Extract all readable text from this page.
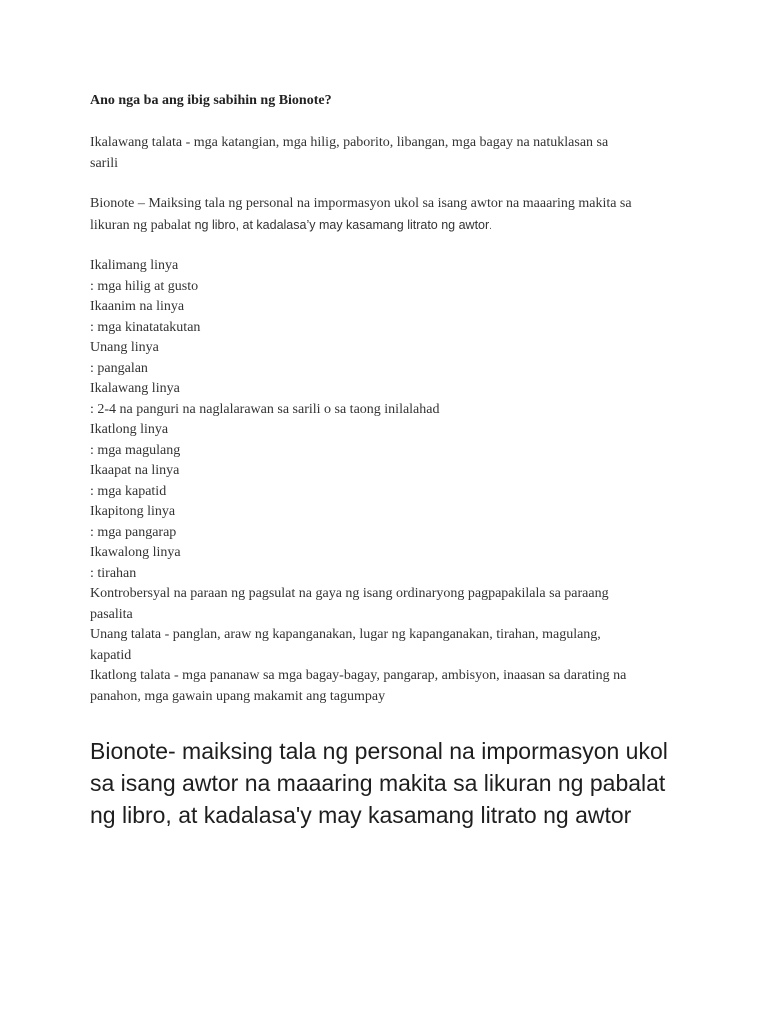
Ano nga ba ang ibig sabihin ng Bionote?
Ikalawang talata - mga katangian, mga hilig, paborito, libangan, mga bagay na natuklasan sa
sarili
Bionote – Maiksing tala ng personal na impormasyon ukol sa isang awtor na maaaring makita sa
likuran ng pabalat ng libro, at kadalasa’y may kasamang litrato ng awtor.
Ikalimang linya
: mga hilig at gusto
Ikaanim na linya
: mga kinatatakutan
Unang linya
: pangalan
Ikalawang linya
: 2-4 na panguri na naglalarawan sa sarili o sa taong inilalahad
Ikatlong linya
: mga magulang
Ikaapat na linya
: mga kapatid
Ikapitong linya
: mga pangarap
Ikawalong linya
: tirahan
Kontrobersyal na paraan ng pagsulat na gaya ng isang ordinaryong pagpapakilala sa paraang
pasalita
Unang talata - panglan, araw ng kapanganakan, lugar ng kapanganakan, tirahan, magulang,
kapatid
Ikatlong talata - mga pananaw sa mga bagay-bagay, pangarap, ambisyon, inaasan sa darating na
panahon, mga gawain upang makamit ang tagumpay
Bionote- maiksing tala ng personal na impormasyon ukol
sa isang awtor na maaaring makita sa likuran ng pabalat
ng libro, at kadalasa'y may kasamang litrato ng awtor
